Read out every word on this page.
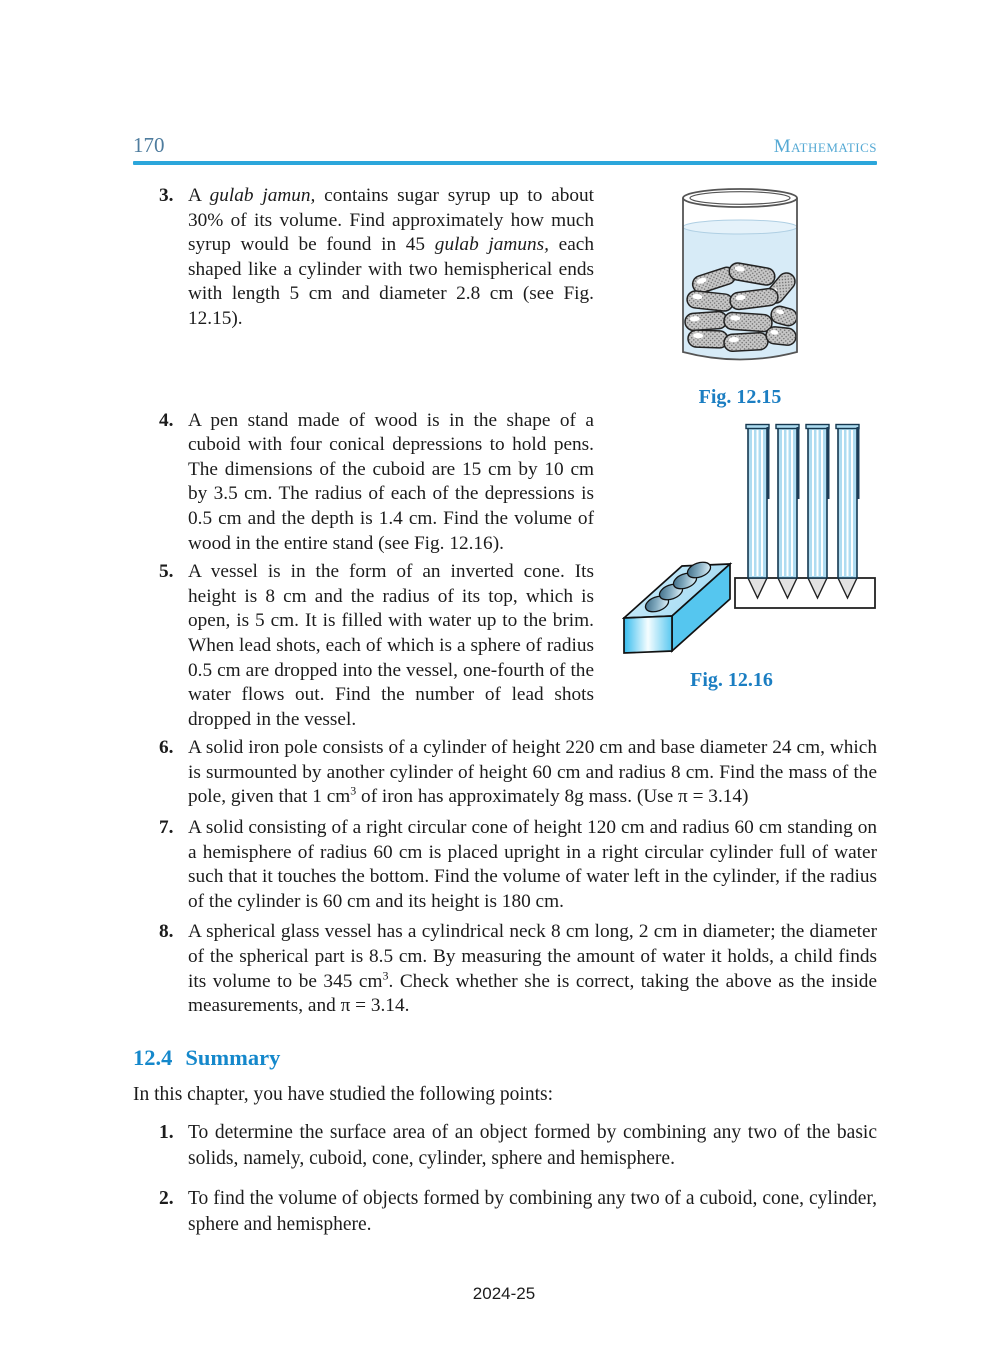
170	Mathematics
Fig. 12.15
Fig. 12.16
3. A gulab jamun, contains sugar syrup up to about 30% of its volume. Find approximately how much syrup would be found in 45 gulab jamuns, each shaped like a cylinder with two hemispherical ends with length 5 cm and diameter 2.8 cm (see Fig. 12.15).

4. A pen stand made of wood is in the shape of a cuboid with four conical depressions to hold pens. The dimensions of the cuboid are 15 cm by 10 cm by 3.5 cm. The radius of each of the depressions is 0.5 cm and the depth is 1.4 cm. Find the volume of wood in the entire stand (see Fig. 12.16).

5. A vessel is in the form of an inverted cone. Its height is 8 cm and the radius of its top, which is open, is 5 cm. It is filled with water up to the brim. When lead shots, each of which is a sphere of radius 0.5 cm are dropped into the vessel, one-fourth of the water flows out. Find the number of lead shots dropped in the vessel.

6. A solid iron pole consists of a cylinder of height 220 cm and base diameter 24 cm, which is surmounted by another cylinder of height 60 cm and radius 8 cm. Find the mass of the pole, given that 1 $cm^3$ of iron has approximately 8g mass. (Use π = 3.14)

7. A solid consisting of a right circular cone of height 120 cm and radius 60 cm standing on a hemisphere of radius 60 cm is placed upright in a right circular cylinder full of water such that it touches the bottom. Find the volume of water left in the cylinder, if the radius of the cylinder is 60 cm and its height is 180 cm.

8. A spherical glass vessel has a cylindrical neck 8 cm long, 2 cm in diameter; the diameter of the spherical part is 8.5 cm. By measuring the amount of water it holds, a child finds its volume to be 345 $cm^3$. Check whether she is correct, taking the above as the inside measurements, and π = 3.14.

12.4 Summary

In this chapter, you have studied the following points:

1. To determine the surface area of an object formed by combining any two of the basic solids, namely, cuboid, cone, cylinder, sphere and hemisphere.

2. To find the volume of objects formed by combining any two of a cuboid, cone, cylinder, sphere and hemisphere.

2024-25
